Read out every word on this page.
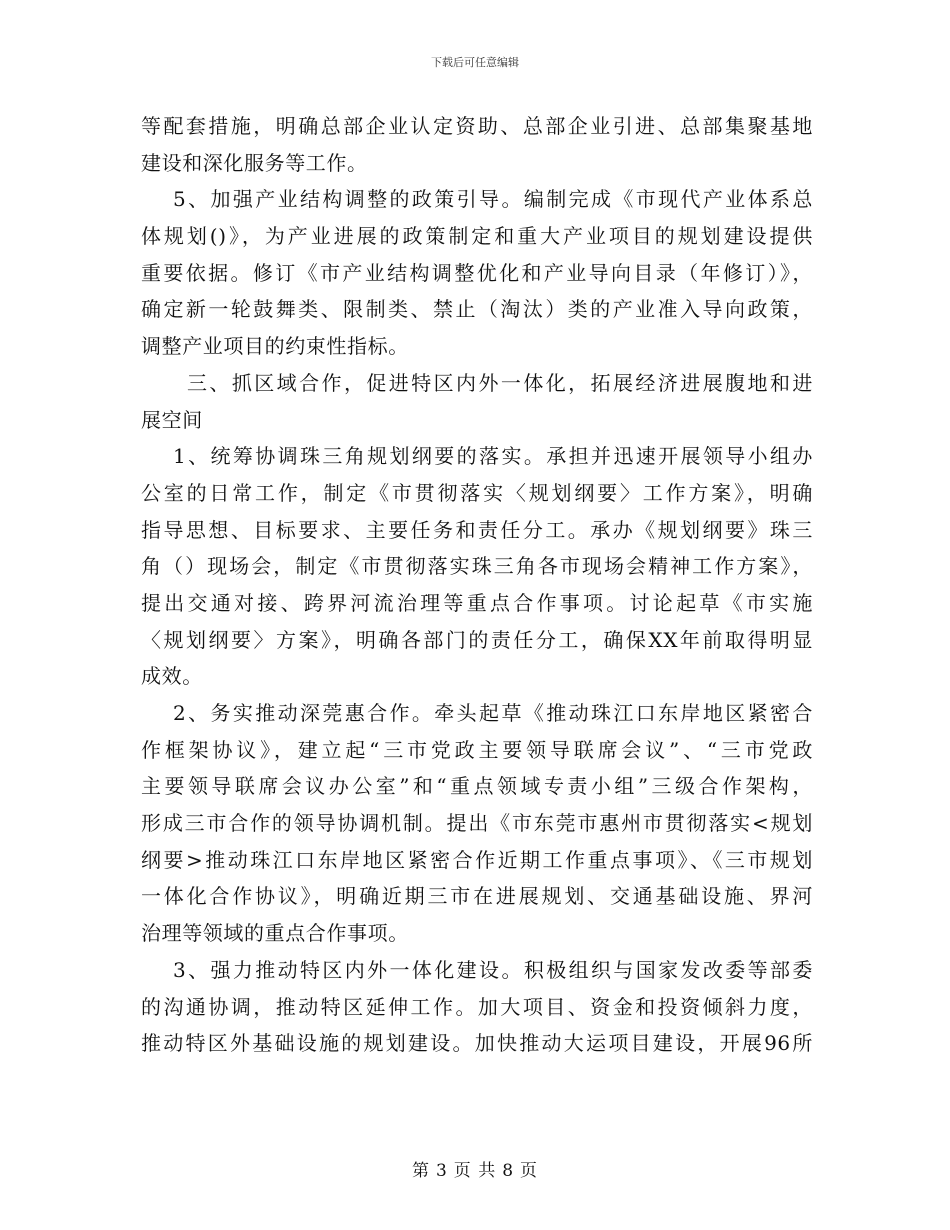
下载后可任意编辑
等配套措施，明确总部企业认定资助、总部企业引进、总部集聚基地
建设和深化服务等工作。
5、加强产业结构调整的政策引导。编制完成《市现代产业体系总
体规划()》，为产业进展的政策制定和重大产业项目的规划建设提供
重要依据。修订《市产业结构调整优化和产业导向目录（年修订）》，
确定新一轮鼓舞类、限制类、禁止（淘汰）类的产业准入导向政策，
调整产业项目的约束性指标。
三、抓区域合作，促进特区内外一体化，拓展经济进展腹地和进
展空间
1、统筹协调珠三角规划纲要的落实。承担并迅速开展领导小组办
公室的日常工作，制定《市贯彻落实〈规划纲要〉工作方案》，明确
指导思想、目标要求、主要任务和责任分工。承办《规划纲要》珠三
角（）现场会，制定《市贯彻落实珠三角各市现场会精神工作方案》，
提出交通对接、跨界河流治理等重点合作事项。讨论起草《市实施
〈规划纲要〉方案》，明确各部门的责任分工，确保XX年前取得明显
成效。
2、务实推动深莞惠合作。牵头起草《推动珠江口东岸地区紧密合
作框架协议》，建立起“三市党政主要领导联席会议”、“三市党政
主要领导联席会议办公室”和“重点领域专责小组”三级合作架构，
形成三市合作的领导协调机制。提出《市东莞市惠州市贯彻落实<规划
纲要>推动珠江口东岸地区紧密合作近期工作重点事项》、《三市规划
一体化合作协议》，明确近期三市在进展规划、交通基础设施、界河
治理等领域的重点合作事项。
3、强力推动特区内外一体化建设。积极组织与国家发改委等部委
的沟通协调，推动特区延伸工作。加大项目、资金和投资倾斜力度，
推动特区外基础设施的规划建设。加快推动大运项目建设，开展96所
第 3 页 共 8 页
